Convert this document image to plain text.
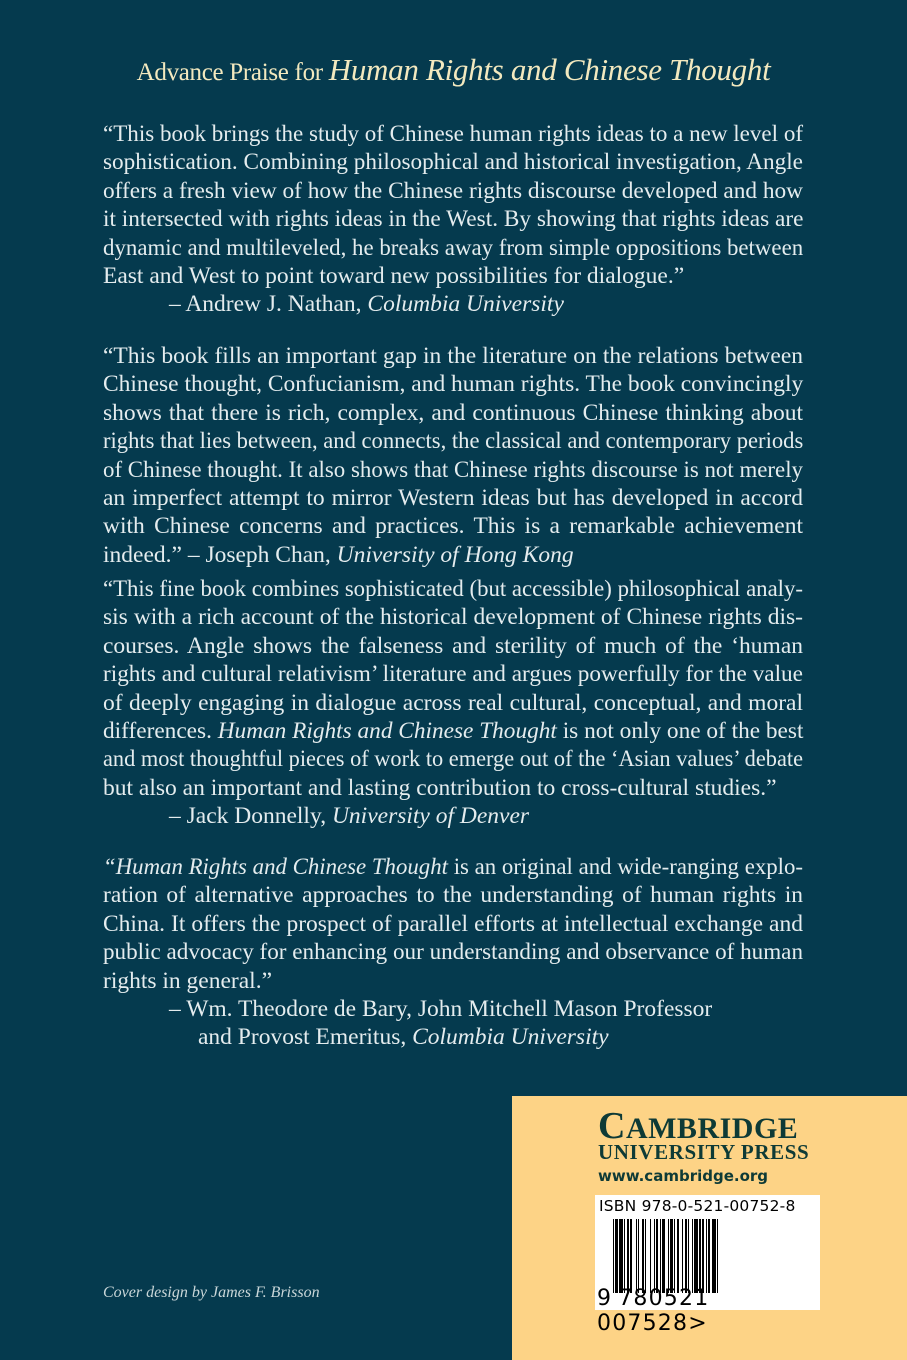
Advance Praise for Human Rights and Chinese Thought
“This book brings the study of Chinese human rights ideas to a new level of
sophistication. Combining philosophical and historical investigation, Angle
offers a fresh view of how the Chinese rights discourse developed and how
it intersected with rights ideas in the West. By showing that rights ideas are
dynamic and multileveled, he breaks away from simple oppositions between
East and West to point toward new possibilities for dialogue.”
– Andrew J. Nathan, Columbia University
“This book fills an important gap in the literature on the relations between
Chinese thought, Confucianism, and human rights. The book convincingly
shows that there is rich, complex, and continuous Chinese thinking about
rights that lies between, and connects, the classical and contemporary periods
of Chinese thought. It also shows that Chinese rights discourse is not merely
an imperfect attempt to mirror Western ideas but has developed in accord
with Chinese concerns and practices. This is a remarkable achievement
indeed.” – Joseph Chan, University of Hong Kong
“This fine book combines sophisticated (but accessible) philosophical analy-
sis with a rich account of the historical development of Chinese rights dis-
courses. Angle shows the falseness and sterility of much of the ‘human
rights and cultural relativism’ literature and argues powerfully for the value
of deeply engaging in dialogue across real cultural, conceptual, and moral
differences. Human Rights and Chinese Thought is not only one of the best
and most thoughtful pieces of work to emerge out of the ‘Asian values’ debate
but also an important and lasting contribution to cross-cultural studies.”
– Jack Donnelly, University of Denver
“Human Rights and Chinese Thought is an original and wide-ranging explo-
ration of alternative approaches to the understanding of human rights in
China. It offers the prospect of parallel efforts at intellectual exchange and
public advocacy for enhancing our understanding and observance of human
rights in general.”
– Wm. Theodore de Bary, John Mitchell Mason Professor
and Provost Emeritus, Columbia University
Cover design by James F. Brisson
CAMBRIDGE
UNIVERSITY PRESS
www.cambridge.org
ISBN 978-0-521-00752-8
9 780521 007528>
